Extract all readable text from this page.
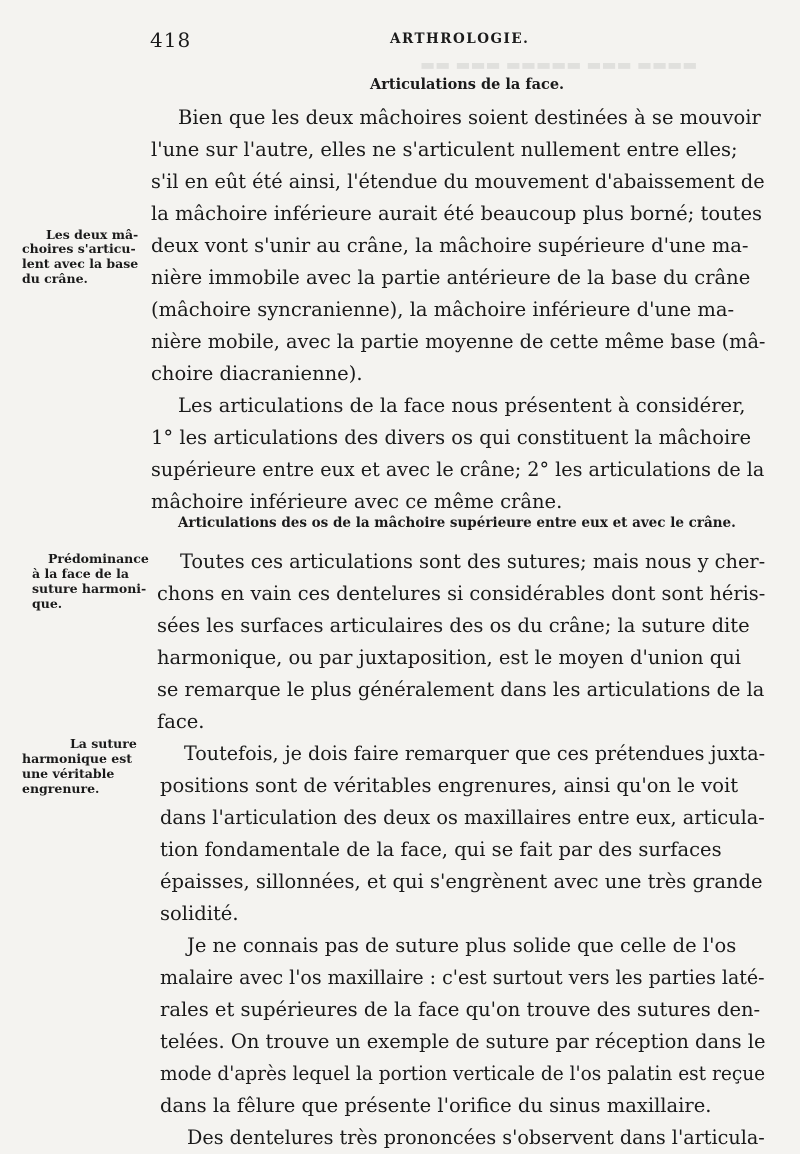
▬▬ ▬▬▬ ▬▬▬▬▬ ▬▬▬ ▬▬▬▬
418	ARTHROLOGIE.
Articulations de la face.
Les deux mâ-
choires s'articu-
lent avec la base
du crâne.
Prédominance
à la face de la
suture harmoni-
que.
La suture
harmonique est
une véritable
engrenure.
Bien que les deux mâchoires soient destinées à se mouvoir
l'une sur l'autre, elles ne s'articulent nullement entre elles;
s'il en eût été ainsi, l'étendue du mouvement d'abaissement de
la mâchoire inférieure aurait été beaucoup plus borné; toutes
deux vont s'unir au crâne, la mâchoire supérieure d'une ma-
nière immobile avec la partie antérieure de la base du crâne
(mâchoire syncranienne), la mâchoire inférieure d'une ma-
nière mobile, avec la partie moyenne de cette même base (mâ-
choire diacranienne).
Les articulations de la face nous présentent à considérer,
1° les articulations des divers os qui constituent la mâchoire
supérieure entre eux et avec le crâne; 2° les articulations de la
mâchoire inférieure avec ce même crâne.
Articulations des os de la mâchoire supérieure entre eux et avec le crâne.
Toutes ces articulations sont des sutures; mais nous y cher-
chons en vain ces dentelures si considérables dont sont héris-
sées les surfaces articulaires des os du crâne; la suture dite
harmonique, ou par juxtaposition, est le moyen d'union qui
se remarque le plus généralement dans les articulations de la
face.
Toutefois, je dois faire remarquer que ces prétendues juxta-
positions sont de véritables engrenures, ainsi qu'on le voit
dans l'articulation des deux os maxillaires entre eux, articula-
tion fondamentale de la face, qui se fait par des surfaces
épaisses, sillonnées, et qui s'engrènent avec une très grande
solidité.
Je ne connais pas de suture plus solide que celle de l'os
malaire avec l'os maxillaire : c'est surtout vers les parties laté-
rales et supérieures de la face qu'on trouve des sutures den-
telées. On trouve un exemple de suture par réception dans le
mode d'après lequel la portion verticale de l'os palatin est reçue
dans la fêlure que présente l'orifice du sinus maxillaire.
Des dentelures très prononcées s'observent dans l'articula-
